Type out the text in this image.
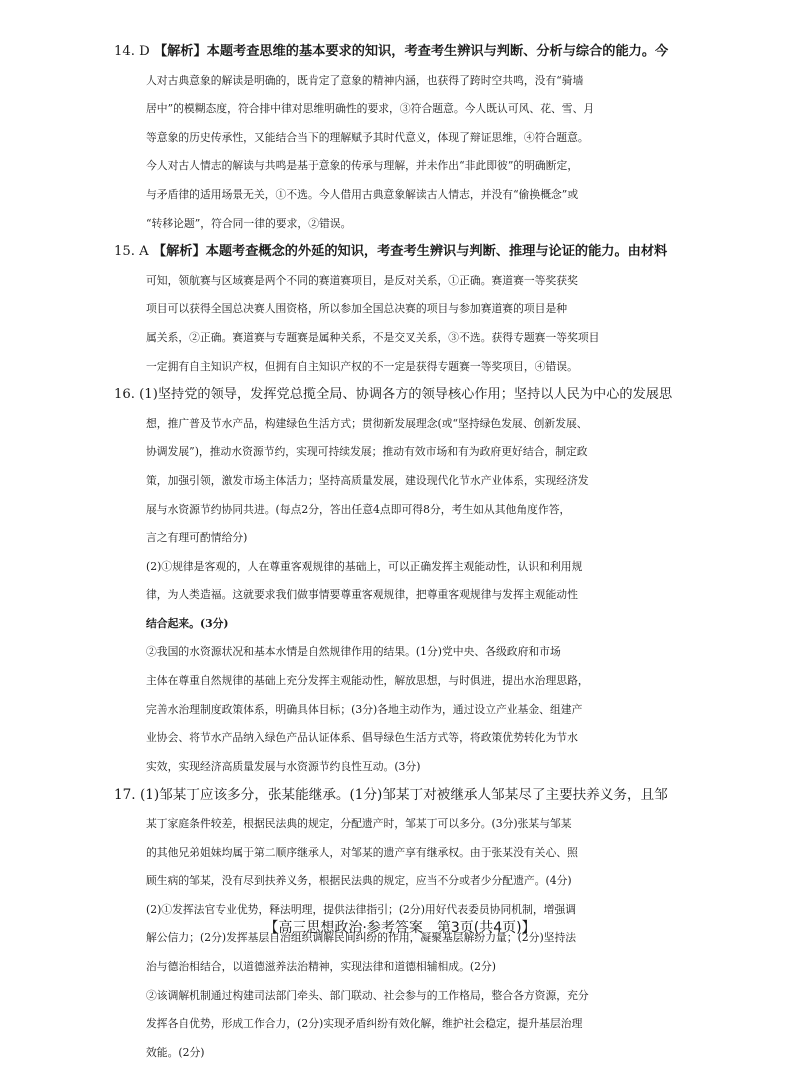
14. D 【解析】本题考查思维的基本要求的知识，考查考生辨识与判断、分析与综合的能力。今
人对古典意象的解读是明确的，既肯定了意象的精神内涵，也获得了跨时空共鸣，没有“骑墙
居中”的模糊态度，符合排中律对思维明确性的要求，③符合题意。今人既认可风、花、雪、月
等意象的历史传承性，又能结合当下的理解赋予其时代意义，体现了辩证思维，④符合题意。
今人对古人情志的解读与共鸣是基于意象的传承与理解，并未作出“非此即彼”的明确断定，
与矛盾律的适用场景无关，①不选。今人借用古典意象解读古人情志，并没有“偷换概念”或
“转移论题”，符合同一律的要求，②错误。
15. A 【解析】本题考查概念的外延的知识，考查考生辨识与判断、推理与论证的能力。由材料
可知，领航赛与区域赛是两个不同的赛道赛项目，是反对关系，①正确。赛道赛一等奖获奖
项目可以获得全国总决赛人围资格，所以参加全国总决赛的项目与参加赛道赛的项目是种
属关系，②正确。赛道赛与专题赛是属种关系，不是交叉关系，③不选。获得专题赛一等奖项目
一定拥有自主知识产权，但拥有自主知识产权的不一定是获得专题赛一等奖项目，④错误。
16. (1)坚持党的领导，发挥党总揽全局、协调各方的领导核心作用；坚持以人民为中心的发展思
想，推广普及节水产品，构建绿色生活方式；贯彻新发展理念(或“坚持绿色发展、创新发展、
协调发展”)，推动水资源节约，实现可持续发展；推动有效市场和有为政府更好结合，制定政
策，加强引领，激发市场主体活力；坚持高质量发展，建设现代化节水产业体系，实现经济发
展与水资源节约协同共进。(每点2分，答出任意4点即可得8分，考生如从其他角度作答，
言之有理可酌情给分)
(2)①规律是客观的，人在尊重客观规律的基础上，可以正确发挥主观能动性，认识和利用规
律，为人类造福。这就要求我们做事情要尊重客观规律，把尊重客观规律与发挥主观能动性
结合起来。(3分)
②我国的水资源状况和基本水情是自然规律作用的结果。(1分)党中央、各级政府和市场
主体在尊重自然规律的基础上充分发挥主观能动性，解放思想，与时俱进，提出水治理思路，
完善水治理制度政策体系，明确具体目标；(3分)各地主动作为，通过设立产业基金、组建产
业协会、将节水产品纳入绿色产品认证体系、倡导绿色生活方式等，将政策优势转化为节水
实效，实现经济高质量发展与水资源节约良性互动。(3分)
17. (1)邹某丁应该多分，张某能继承。(1分)邹某丁对被继承人邹某尽了主要扶养义务，且邹
某丁家庭条件较差，根据民法典的规定，分配遗产时，邹某丁可以多分。(3分)张某与邹某
的其他兄弟姐妹均属于第二顺序继承人，对邹某的遗产享有继承权。由于张某没有关心、照
顾生病的邹某，没有尽到扶养义务，根据民法典的规定，应当不分或者少分配遗产。(4分)
(2)①发挥法官专业优势，释法明理，提供法律指引；(2分)用好代表委员协同机制，增强调
解公信力；(2分)发挥基层自治组织调解民间纠纷的作用，凝聚基层解纷力量；(2分)坚持法
治与德治相结合，以道德滋养法治精神，实现法律和道德相辅相成。(2分)
②该调解机制通过构建司法部门牵头、部门联动、社会参与的工作格局，整合各方资源，充分
发挥各自优势，形成工作合力，(2分)实现矛盾纠纷有效化解，维护社会稳定，提升基层治理
效能。(2分)
【高三思想政治·参考答案　第3页(共4页)】
